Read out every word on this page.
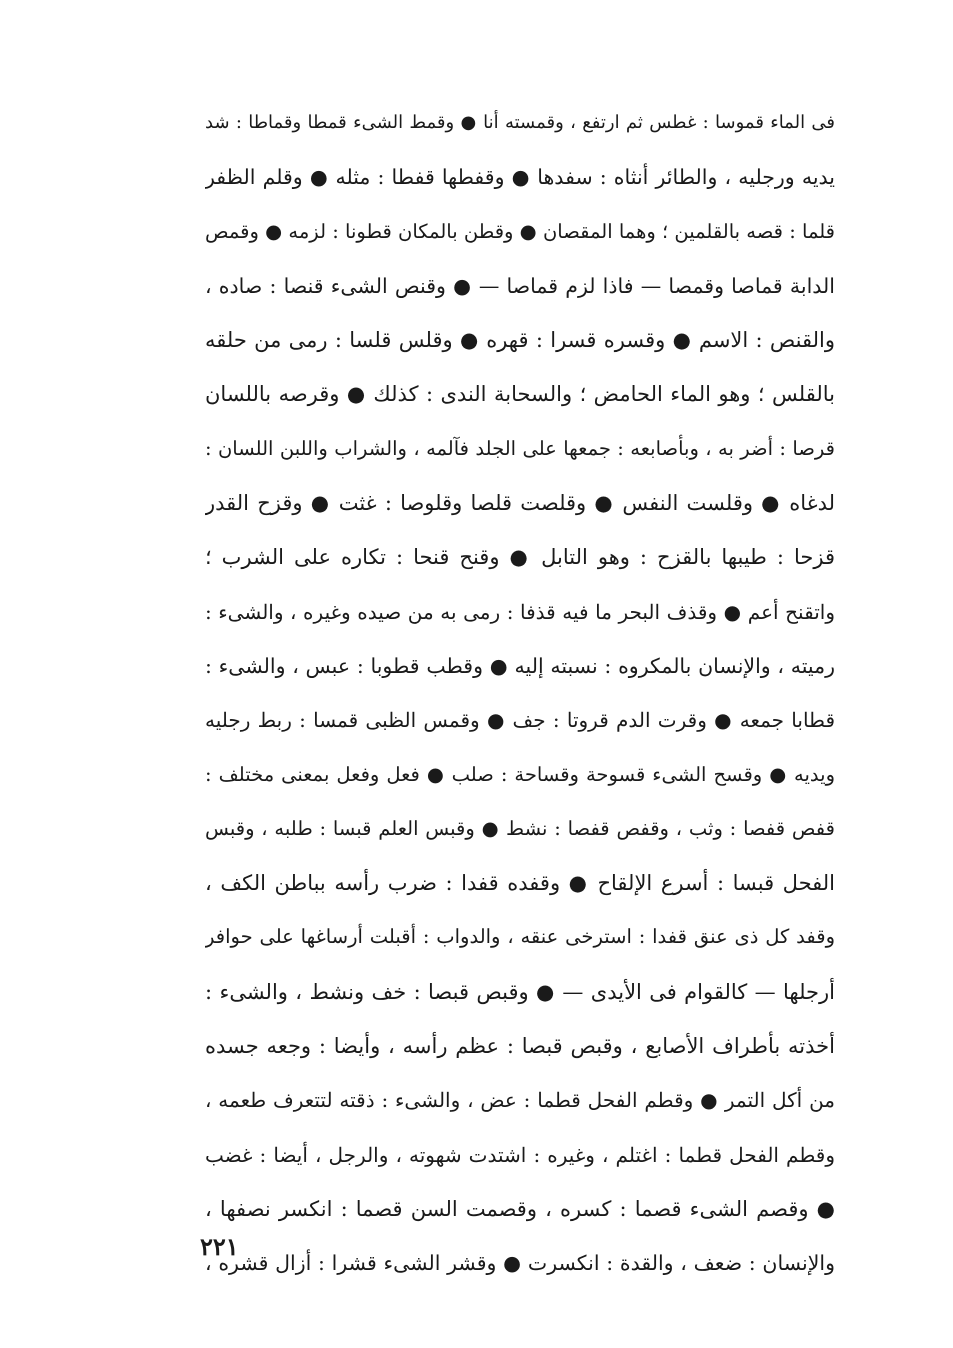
فى الماء قموسا : غطس ثم ارتفع ، وقمسته أنا ● وقمط الشىء قمطا وقماطا : شد
يديه ورجليه ، والطائر أنثاه : سفدها ● وقفطها قفطا : مثله ● وقلم الظفر
قلما : قصه بالقلمين ؛ وهما المقصان ● وقطن بالمكان قطونا : لزمه ● وقمص
الدابة قماصا وقمصا — فاذا لزم قماصا — ● وقنص الشىء قنصا : صاده ،
والقنص : الاسم ● وقسره قسرا : قهره ● وقلس قلسا : رمى من حلقه
بالقلس ؛ وهو الماء الحامض ؛ والسحابة الندى : كذلك ● وقرصه باللسان
قرصا : أضر به ، وبأصابعه : جمعها على الجلد فآلمه ، والشراب واللبن اللسان :
لدغاه ● وقلست النفس ● وقلصت قلصا وقلوصا : غثت ● وقزح القدر
قزحا : طيبها بالقزح : وهو التابل ● وقنح قنحا : تكاره على الشرب ؛
واتقنح أعم ● وقذف البحر ما فيه قذفا : رمى به من صيده وغيره ، والشىء :
رميته ، والإنسان بالمكروه : نسبته إليه ● وقطب قطوبا : عبس ، والشىء :
قطابا جمعه ● وقرت الدم قروتا : جف ● وقمس الظبى قمسا : ربط رجليه
ويديه ● وقسح الشىء قسوحة وقساحة : صلب ● فعل وفعل بمعنى مختلف :
قفص قفصا : وثب ، وقفص قفصا : نشط ● وقبس العلم قبسا : طلبه ، وقبس
الفحل قبسا : أسرع الإلقاح ● وقفده قفدا : ضرب رأسه بباطن الكف ،
وقفد كل ذى عنق قفدا : استرخى عنقه ، والدواب : أقبلت أرساغها على حوافر
أرجلها — كالقوام فى الأيدى — ● وقبص قبصا : خف ونشط ، والشىء :
أخذته بأطراف الأصابع ، وقبص قبصا : عظم رأسه ، وأيضا : وجعه جسده
من أكل التمر ● وقطم الفحل قطما : عض ، والشىء : ذقته لتتعرف طعمه ،
وقطم الفحل قطما : اغتلم ، وغيره : اشتدت شهوته ، والرجل ، أيضا : غضب
● وقصم الشىء قصما : كسره ، وقصمت السن قصما : انكسر نصفها ،
والإنسان : ضعف ، والقدة : انكسرت ● وقشر الشىء قشرا : أزال قشره ،
٢٢١
